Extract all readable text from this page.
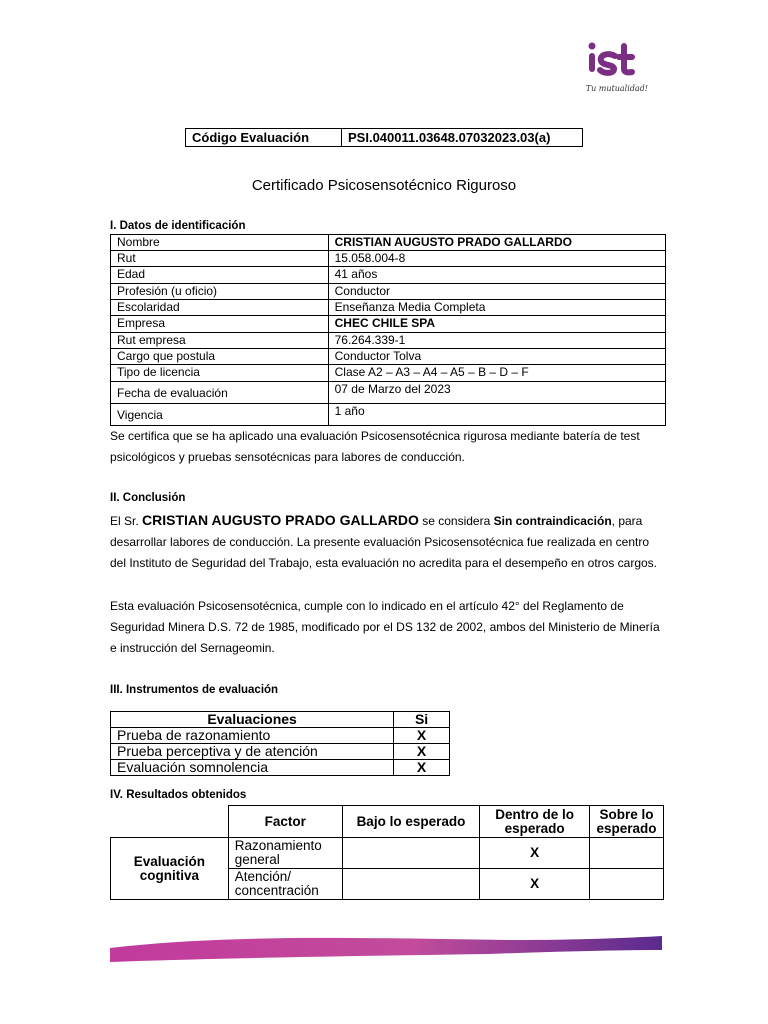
Tu mutualidad!
Código Evaluación	PSI.040011.03648.07032023.03(a)
Certificado Psicosensotécnico Riguroso
I. Datos de identificación
Nombre	CRISTIAN AUGUSTO PRADO GALLARDO
Rut	15.058.004-8
Edad	41 años
Profesión (u oficio)	Conductor
Escolaridad	Enseñanza Media Completa
Empresa	CHEC CHILE SPA
Rut empresa	76.264.339-1
Cargo que postula	Conductor Tolva
Tipo de licencia	Clase A2 – A3 – A4 – A5 – B – D – F
Fecha de evaluación	07 de Marzo del 2023
Vigencia	1 año
Se certifica que se ha aplicado una evaluación Psicosensotécnica rigurosa mediante batería de test psicológicos y pruebas sensotécnicas para labores de conducción.
II. Conclusión
El Sr. CRISTIAN AUGUSTO PRADO GALLARDO se considera Sin contraindicación, para desarrollar labores de conducción. La presente evaluación Psicosensotécnica fue realizada en centro del Instituto de Seguridad del Trabajo, esta evaluación no acredita para el desempeño en otros cargos.
Esta evaluación Psicosensotécnica, cumple con lo indicado en el artículo 42° del Reglamento de Seguridad Minera D.S. 72 de 1985, modificado por el DS 132 de 2002, ambos del Ministerio de Minería e instrucción del Sernageomin.
III. Instrumentos de evaluación
Evaluaciones	Si
Prueba de razonamiento	X
Prueba perceptiva y de atención	X
Evaluación somnolencia	X
IV. Resultados obtenidos
	Factor	Bajo lo esperado	Dentro de lo esperado	Sobre lo esperado
Evaluación cognitiva	Razonamiento general		X	
	Atención/ concentración		X	
